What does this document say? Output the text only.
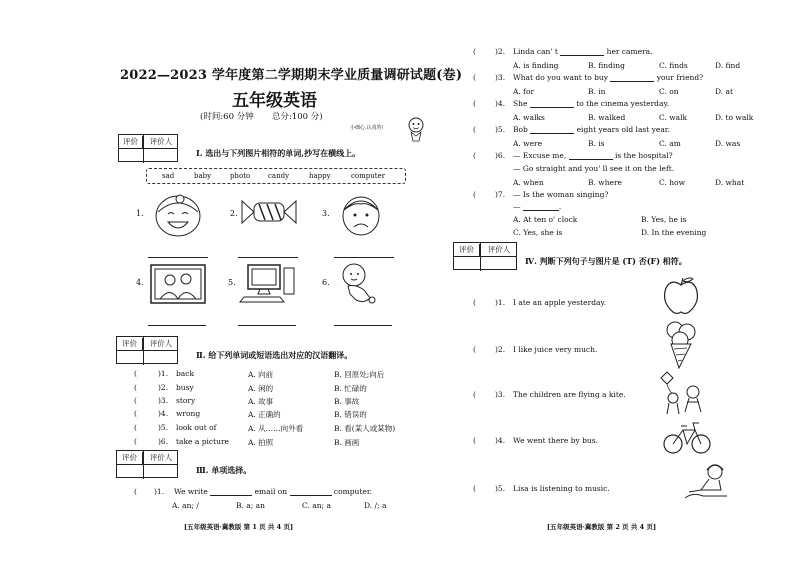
2022—2023 学年度第二学期期末学业质量调研试题(卷)
五年级英语
(时间:60 分钟 总分:100 分)
小细心,认真答!
评价	评价人
Ⅰ. 选出与下列图片相符的单词,抄写在横线上。
sad	baby	photo	candy	happy	computer
1.	2.	3.
4.	5.	6.
评价	评价人
Ⅱ. 给下列单词或短语选出对应的汉语翻译。
(	)1. back	A. 向前	B. 回原处;向后
(	)2. busy	A. 闲的	B. 忙碌的
(	)3. story	A. 故事	B. 事故
(	)4. wrong	A. 正确的	B. 错误的
(	)5. look out of	A. 从……向外看	B. 看(某人或某物)
(	)6. take a picture	A. 拍照	B. 画画
评价	评价人
Ⅲ. 单项选择。
( )1. We write	email on	computer.
A. an; /	B. a; an	C. an; a	D. /; a
[五年级英语·冀教版 第 1 页 共 4 页]
(	)2. Linda can' t	her camera.
A. is finding	B. finding	C. finds	D. find
(	)3. What do you want to buy	your friend?
A. for	B. in	C. on	D. at
(	)4. She	to the cinema yesterday.
A. walks	B. walked	C. walk	D. to walk
(	)5. Bob	eight years old last year.
A. were	B. is	C. am	D. was
(	)6. — Excuse me,	is the hospital?
— Go straight and you' ll see it on the left.
A. when	B. where	C. how	D. what
(	)7. — Is the woman singing?
—	.
A. At ten o' clock	B. Yes, he is
C. Yes, she is	D. In the evening
评价	评价人
Ⅳ. 判断下列句子与图片是 (T) 否(F) 相符。
(	)1. I ate an apple yesterday.
(	)2. I like juice very much.
(	)3. The children are flying a kite.
(	)4. We went there by bus.
(	)5. Lisa is listening to music.
[五年级英语·冀教版 第 2 页 共 4 页]
